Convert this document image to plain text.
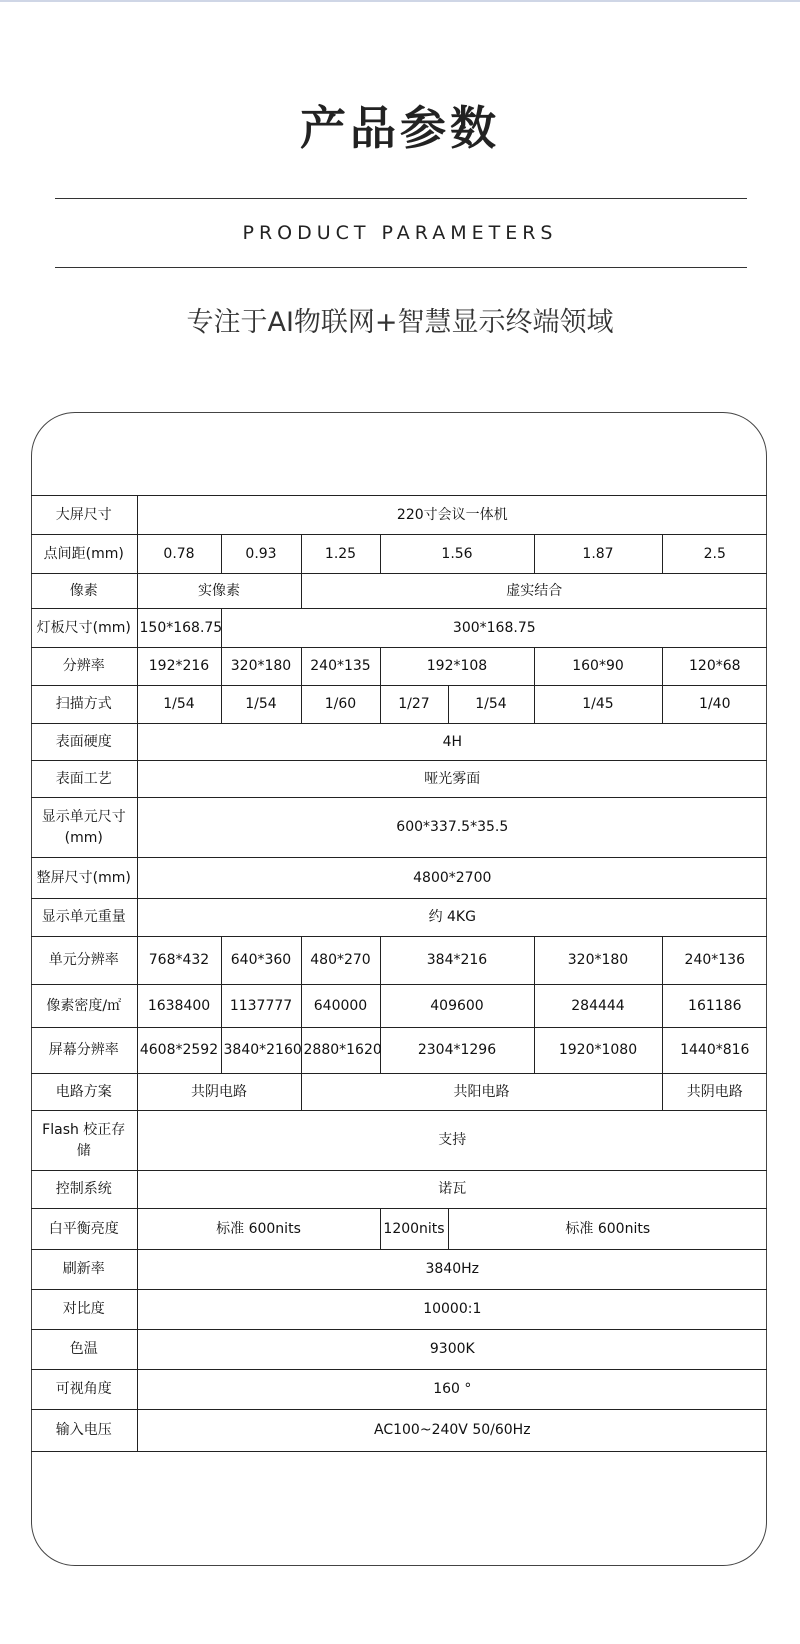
产品参数
PRODUCT PARAMETERS
专注于AI物联网+智慧显示终端领域
大屏尺寸	220寸会议一体机						
点间距(mm)	0.78	0.93	1.25	1.56		1.87	2.5
像素	实像素		虚实结合				
灯板尺寸(mm)	150*168.75	300*168.75					
分辨率	192*216	320*180	240*135	192*108		160*90	120*68
扫描方式	1/54	1/54	1/60	1/27	1/54	1/45	1/40
表面硬度	4H						
表面工艺	哑光雾面						

显示单元尺寸
(mm)	600*337.5*35.5						
整屏尺寸(mm)	4800*2700						
显示单元重量	约 4KG						
单元分辨率	768*432	640*360	480*270	384*216		320*180	240*136
像素密度/㎡	1638400	1137777	640000	409600		284444	161186
屏幕分辨率	4608*2592	3840*2160	2880*1620	2304*1296		1920*1080	1440*816
电路方案	共阴电路		共阳电路				共阴电路

Flash 校正存
储	支持						
控制系统	诺瓦						
白平衡亮度	标准 600nits			1200nits	标准 600nits		
刷新率	3840Hz						
对比度	10000:1						
色温	9300K						
可视角度	160 °						
输入电压	AC100~240V 50/60Hz						
